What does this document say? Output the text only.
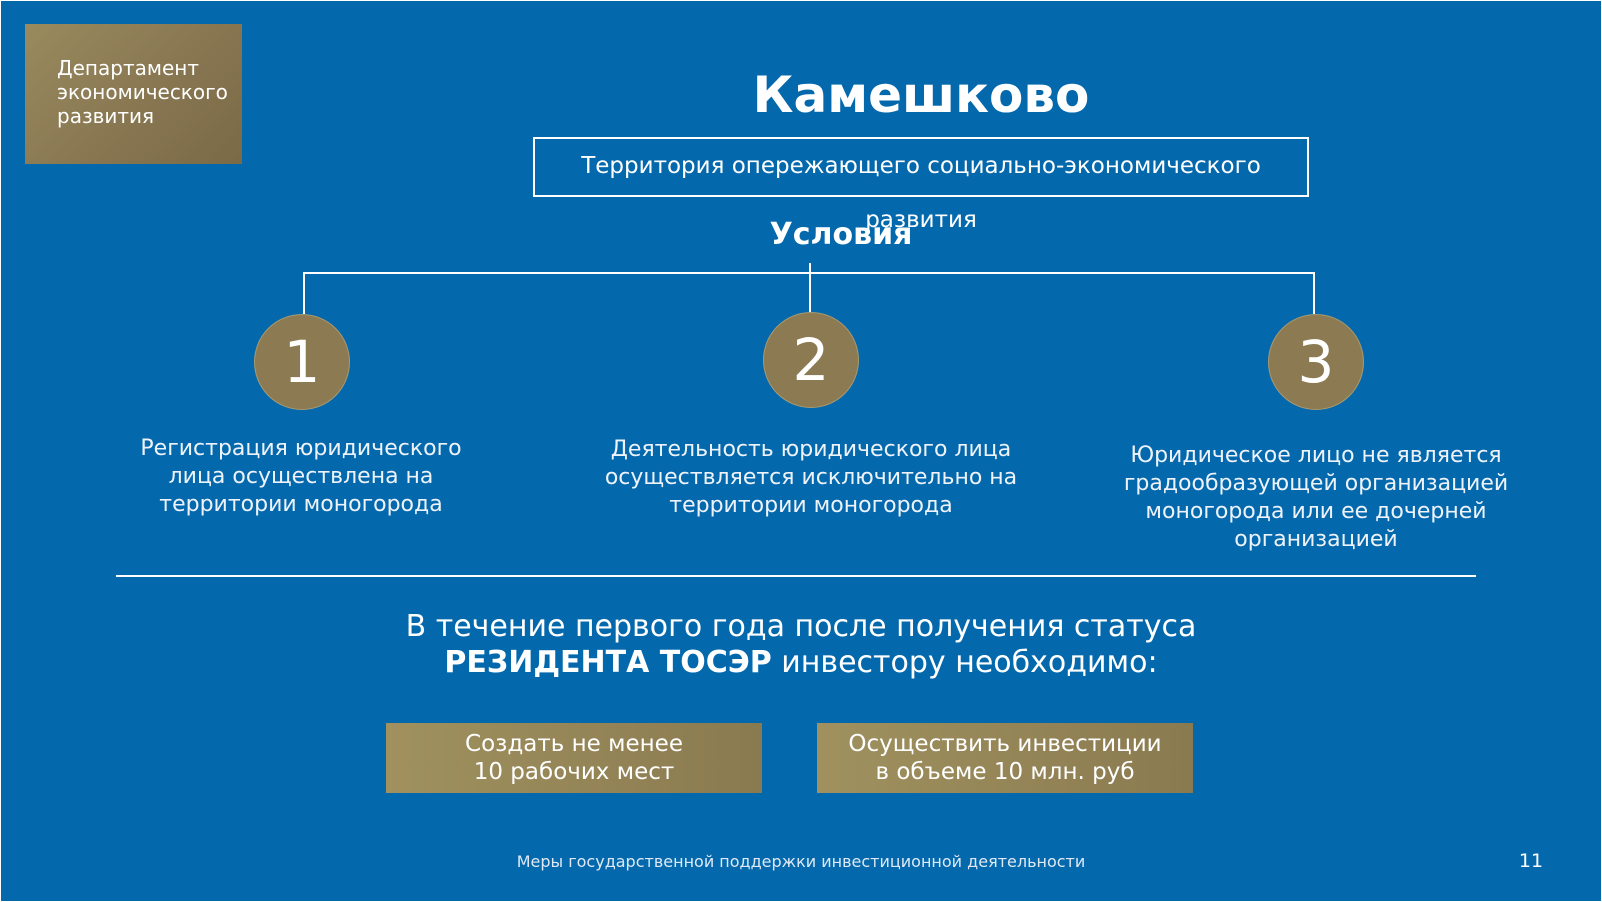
Департамент
экономического
развития	Камешково
Территория опережающего социально-экономического развития
Условия
1	2	3
Регистрация юридического
лица осуществлена на
территории моногорода
Деятельность юридического лица
осуществляется исключительно на
территории моногорода
Юридическое лицо не является
градообразующей организацией
моногорода или ее дочерней
организацией
В течение первого года после получения статуса
РЕЗИДЕНТА ТОСЭР инвестору необходимо:
Создать не менее
10 рабочих мест
Осуществить инвестиции
в объеме 10 млн. руб
Меры государственной поддержки инвестиционной деятельности	11
